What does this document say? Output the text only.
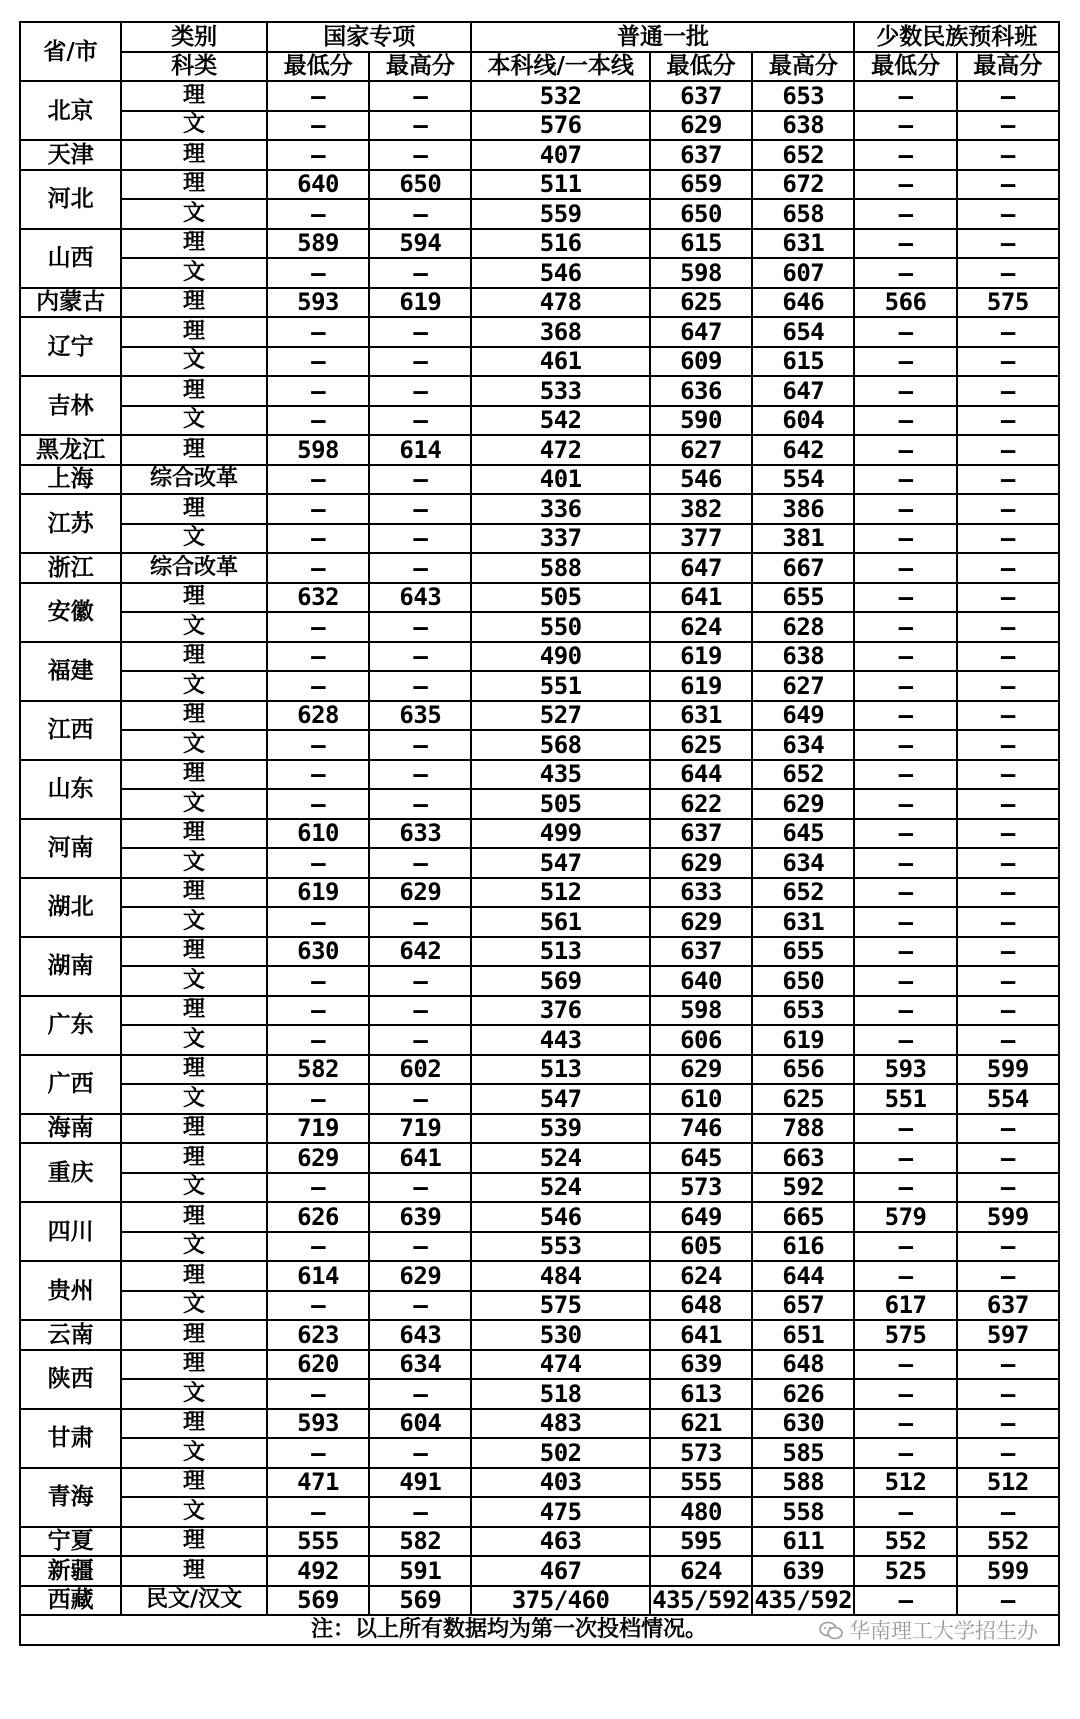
省/市	类别	国家专项		普通一批			少数民族预科班	
	科类	最低分	最高分	本科线/一本线	最低分	最高分	最低分	最高分
北京	理	—	—	532	637	653	—	—
	文	—	—	576	629	638	—	—
天津	理	—	—	407	637	652	—	—
河北	理	640	650	511	659	672	—	—
	文	—	—	559	650	658	—	—
山西	理	589	594	516	615	631	—	—
	文	—	—	546	598	607	—	—
内蒙古	理	593	619	478	625	646	566	575
辽宁	理	—	—	368	647	654	—	—
	文	—	—	461	609	615	—	—
吉林	理	—	—	533	636	647	—	—
	文	—	—	542	590	604	—	—
黑龙江	理	598	614	472	627	642	—	—
上海	综合改革	—	—	401	546	554	—	—
江苏	理	—	—	336	382	386	—	—
	文	—	—	337	377	381	—	—
浙江	综合改革	—	—	588	647	667	—	—
安徽	理	632	643	505	641	655	—	—
	文	—	—	550	624	628	—	—
福建	理	—	—	490	619	638	—	—
	文	—	—	551	619	627	—	—
江西	理	628	635	527	631	649	—	—
	文	—	—	568	625	634	—	—
山东	理	—	—	435	644	652	—	—
	文	—	—	505	622	629	—	—
河南	理	610	633	499	637	645	—	—
	文	—	—	547	629	634	—	—
湖北	理	619	629	512	633	652	—	—
	文	—	—	561	629	631	—	—
湖南	理	630	642	513	637	655	—	—
	文	—	—	569	640	650	—	—
广东	理	—	—	376	598	653	—	—
	文	—	—	443	606	619	—	—
广西	理	582	602	513	629	656	593	599
	文	—	—	547	610	625	551	554
海南	理	719	719	539	746	788	—	—
重庆	理	629	641	524	645	663	—	—
	文	—	—	524	573	592	—	—
四川	理	626	639	546	649	665	579	599
	文	—	—	553	605	616	—	—
贵州	理	614	629	484	624	644	—	—
	文	—	—	575	648	657	617	637
云南	理	623	643	530	641	651	575	597
陕西	理	620	634	474	639	648	—	—
	文	—	—	518	613	626	—	—
甘肃	理	593	604	483	621	630	—	—
	文	—	—	502	573	585	—	—
青海	理	471	491	403	555	588	512	512
	文	—	—	475	480	558	—	—
宁夏	理	555	582	463	595	611	552	552
新疆	理	492	591	467	624	639	525	599
西藏	民文/汉文	569	569	375/460	435/592	435/592	—	—
注：以上所有数据均为第一次投档情况。 华南理工大学招生办								
